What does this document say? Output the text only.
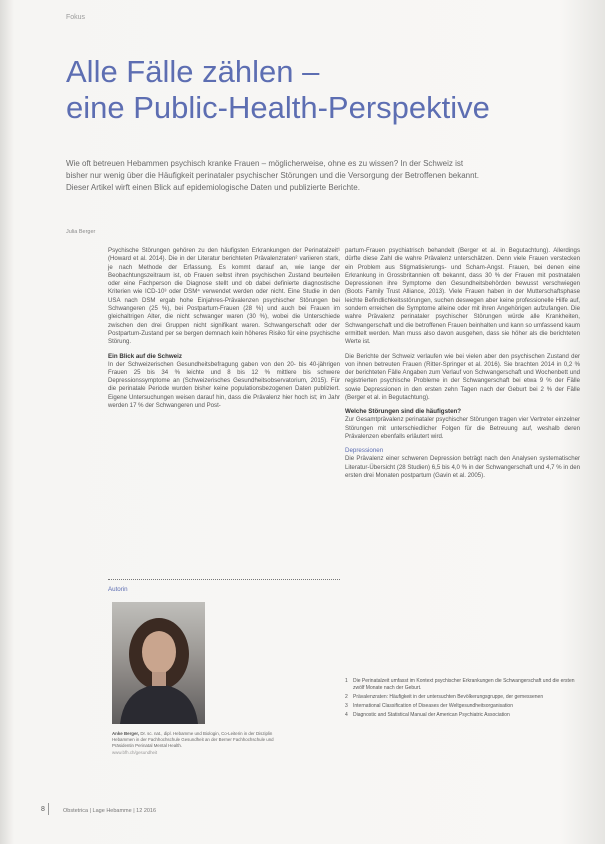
Fokus
Alle Fälle zählen –
eine Public-Health-Perspektive

Wie oft betreuen Hebammen psychisch kranke Frauen – möglicherweise, ohne es zu wissen? In der Schweiz ist bisher nur wenig über die Häufigkeit perinataler psychischer Störungen und die Versorgung der Betroffenen bekannt. Dieser Artikel wirft einen Blick auf epidemiologische Daten und publizierte Berichte.

Julia Berger

Psychische Störungen gehören zu den häufigsten Erkrankungen der Perinatalzeit¹ (Howard et al. 2014). Die in der Literatur berichteten Prävalenzraten² variieren stark, je nach Methode der Erfassung. Es kommt darauf an, wie lange der Beobachtungszeitraum ist, ob Frauen selbst ihren psychischen Zustand beurteilen oder eine Fachperson die Diagnose stellt und ob dabei definierte diagnostische Kriterien wie ICD-10³ oder DSM⁴ verwendet werden oder nicht. Eine Studie in den USA nach DSM ergab hohe Einjahres-Prävalenzen psychischer Störungen bei Schwangeren (25 %), bei Postpartum-Frauen (28 %) und auch bei Frauen im gleichaltrigen Alter, die nicht schwanger waren (30 %), wobei die Unterschiede zwischen den drei Gruppen nicht signifikant waren. Schwangerschaft oder der Postpartum-Zustand per se bergen demnach kein höheres Risiko für eine psychische Störung.

Ein Blick auf die Schweiz

In der Schweizerischen Gesundheitsbefragung gaben von den 20- bis 40-jährigen Frauen 25 bis 34 % leichte und 8 bis 12 % mittlere bis schwere Depressionssymptome an (Schweizerisches Gesundheitsobservatorium, 2015). Für die perinatale Periode wurden bisher keine populationsbezogenen Daten publiziert. Eigene Untersuchungen weisen darauf hin, dass die Prävalenz hier hoch ist; im Jahr werden 17 % der Schwangeren und Post-

partum-Frauen psychiatrisch behandelt (Berger et al. in Begutachtung). Allerdings dürfte diese Zahl die wahre Prävalenz unterschätzen. Denn viele Frauen verstecken ein Problem aus Stigmatisierungs- und Scham-Angst. Frauen, bei denen eine Erkrankung in Grossbritannien oft bekannt, dass 30 % der Frauen mit postnatalen Depressionen ihre Symptome den Gesundheitsbehörden bewusst verschwiegen (Boots Family Trust Alliance, 2013). Viele Frauen haben in der Mutterschaftsphase leichte Befindlichkeitsstörungen, suchen deswegen aber keine professionelle Hilfe auf, sondern erreichen die Symptome alleine oder mit ihren Angehörigen aufzufangen. Die wahre Prävalenz perinataler psychischer Störungen würde alle Krankheiten, Schwangerschaft und die betroffenen Frauen beinhalten und kann so umfassend kaum ermittelt werden. Man muss also davon ausgehen, dass sie höher als die berichteten Werte ist.

Die Berichte der Schweiz verlaufen wie bei vielen aber den psychischen Zustand der von ihnen betreuten Frauen (Ritter-Springer et al. 2016). Sie brachten 2014 in 0,2 % der berichteten Fälle Angaben zum Verlauf von Schwangerschaft und Wochenbett und registrierten psychische Probleme in der Schwangerschaft bei etwa 9 % der Fälle sowie Depressionen in den ersten zehn Tagen nach der Geburt bei 2 % der Fälle (Berger et al. in Begutachtung).

Welche Störungen sind die häufigsten?

Zur Gesamtprävalenz perinataler psychischer Störungen tragen vier Vertreter einzelner Störungen mit unterschiedlicher Folgen für die Betreuung auf, weshalb deren Prävalenzen ebenfalls erläutert wird.

Depressionen

Die Prävalenz einer schweren Depression beträgt nach den Analysen systematischer Literatur-Übersicht (28 Studien) 6,5 bis 4,0 % in der Schwangerschaft und 4,7 % in den ersten drei Monaten postpartum (Gavin et al. 2005).

Autorin
Anke Berger, Dr. sc. nat., dipl. Hebamme und Biologin, Co-Leiterin in der Disziplin Hebammen in der Fachhochschule Gesundheit an der Berner Fachhochschule und Präsidentin Perinatal Mental Health.
www.bfh.ch/gesundheit
1	Die Perinatalzeit umfasst im Kontext psychischer Erkrankungen die Schwangerschaft und die ersten zwölf Monate nach der Geburt.
2	Prävalenzraten: Häufigkeit in der untersuchten Bevölkerungsgruppe, der gemessenen
3	International Classification of Diseases der Weltgesundheitsorganisation
4	Diagnostic and Statistical Manual der American Psychiatric Association
8	Obstetrica | Lage Hebamme | 12 2016
